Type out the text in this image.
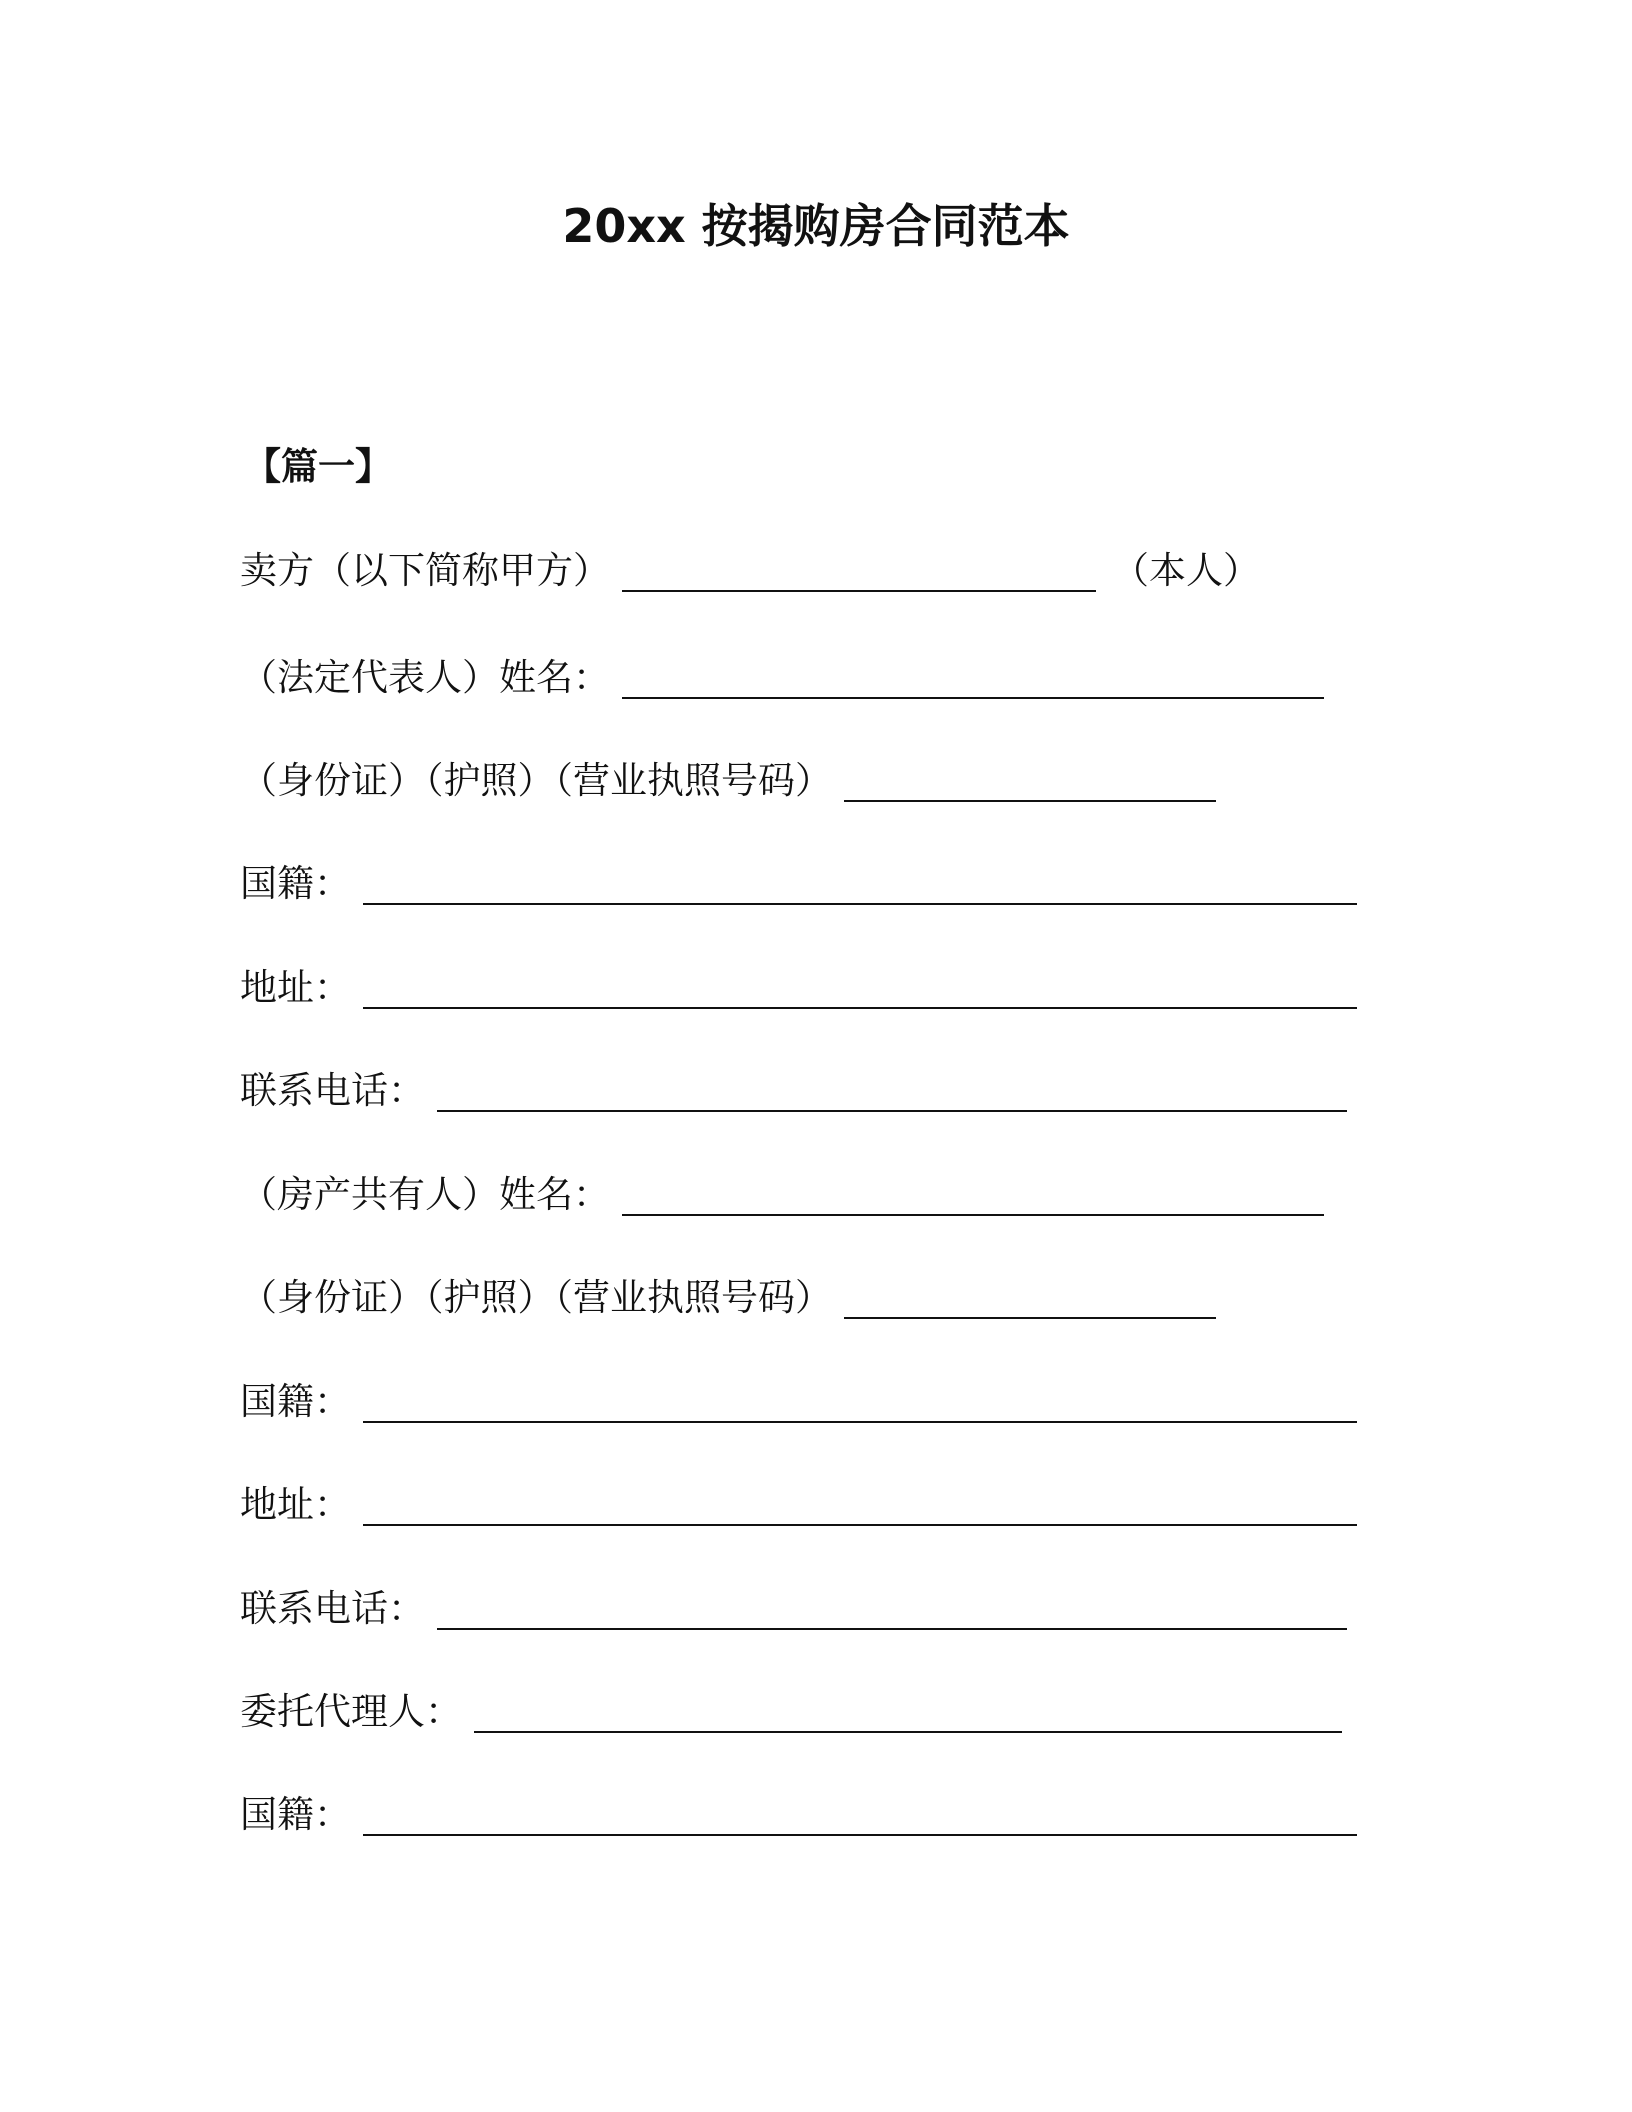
20xx 按揭购房合同范本
【篇一】
卖方（以下简称甲方）	（本人）
（法定代表人）姓名：
（身份证）（护照）（营业执照号码）
国籍：
地址：
联系电话：
（房产共有人）姓名：
（身份证）（护照）（营业执照号码）
国籍：
地址：
联系电话：
委托代理人：
国籍：
